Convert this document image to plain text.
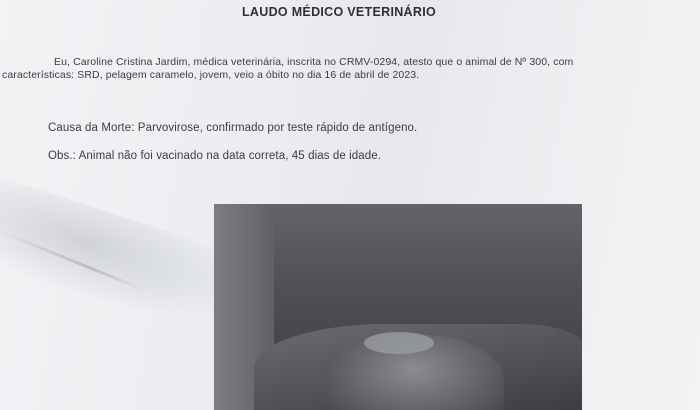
LAUDO MÉDICO VETERINÁRIO
Eu, Caroline Cristina Jardim, médica veterinária, inscrita no CRMV-0294, atesto que o animal de Nº 300, com
características: SRD, pelagem caramelo, jovem, veio a óbito no dia 16 de abril de 2023.
Causa da Morte: Parvovirose, confirmado por teste rápido de antígeno.
Obs.: Animal não foi vacinado na data correta, 45 dias de idade.
